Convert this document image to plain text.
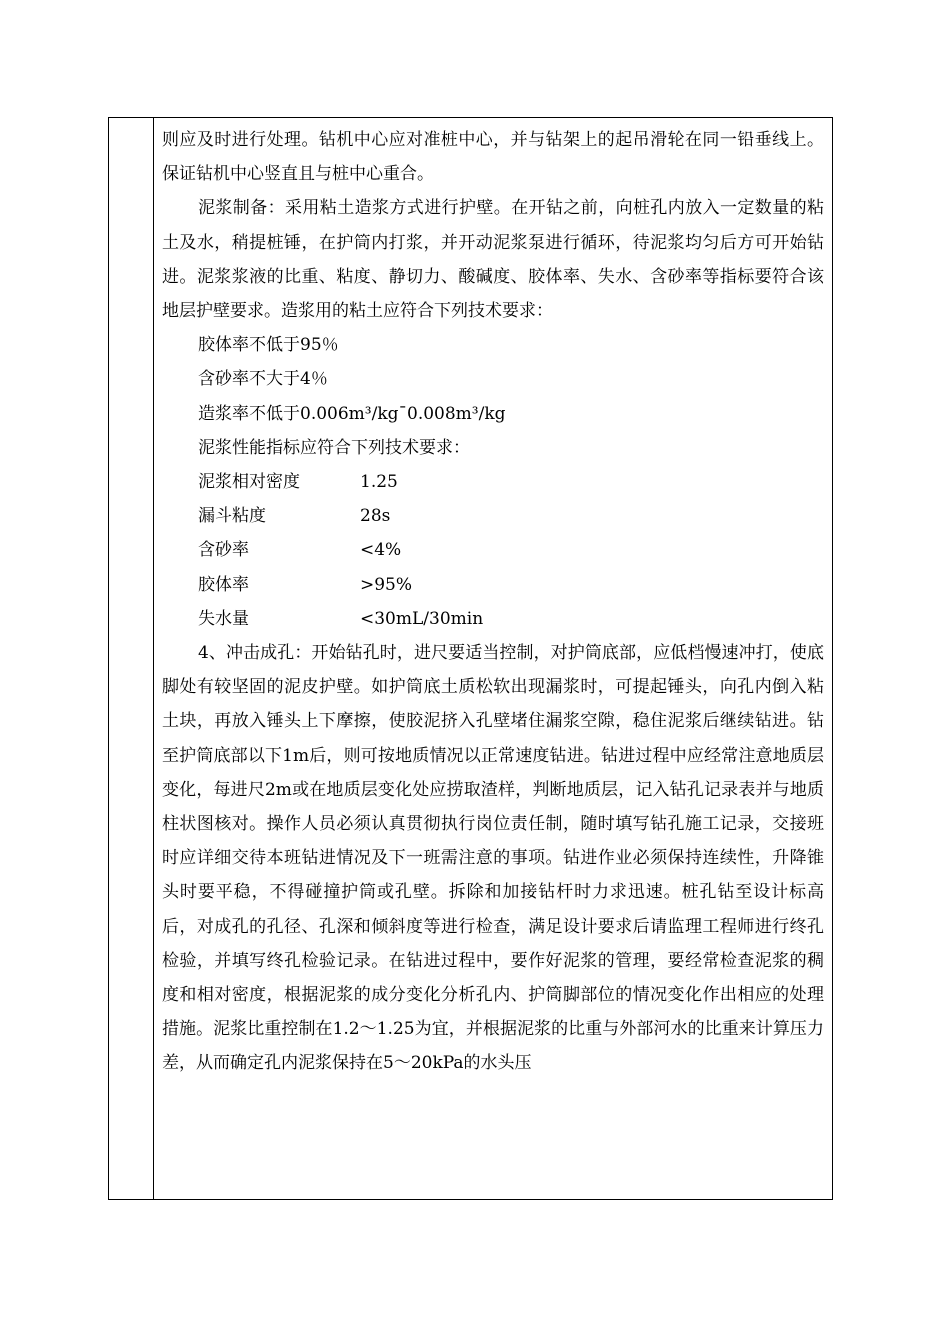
则应及时进行处理。钻机中心应对准桩中心，并与钻架上的起吊滑轮在同一铅垂线上。保证钻机中心竖直且与桩中心重合。

泥浆制备：采用粘土造浆方式进行护壁。在开钻之前，向桩孔内放入一定数量的粘土及水，稍提桩锤，在护筒内打浆，并开动泥浆泵进行循环，待泥浆均匀后方可开始钻进。泥浆浆液的比重、粘度、静切力、酸碱度、胶体率、失水、含砂率等指标要符合该地层护壁要求。造浆用的粘土应符合下列技术要求：

胶体率不低于95％

含砂率不大于4％

造浆率不低于0.006m³/kg¯0.008m³/kg

泥浆性能指标应符合下列技术要求：

泥浆相对密度	1.25
漏斗粘度	28s
含砂率	<4%
胶体率	>95%
失水量	<30mL/30min

4、冲击成孔：开始钻孔时，进尺要适当控制，对护筒底部，应低档慢速冲打，使底脚处有较坚固的泥皮护壁。如护筒底土质松软出现漏浆时，可提起锤头，向孔内倒入粘土块，再放入锤头上下摩擦，使胶泥挤入孔壁堵住漏浆空隙，稳住泥浆后继续钻进。钻至护筒底部以下1m后，则可按地质情况以正常速度钻进。钻进过程中应经常注意地质层变化，每进尺2m或在地质层变化处应捞取渣样，判断地质层，记入钻孔记录表并与地质柱状图核对。操作人员必须认真贯彻执行岗位责任制，随时填写钻孔施工记录，交接班时应详细交待本班钻进情况及下一班需注意的事项。钻进作业必须保持连续性，升降锥头时要平稳，不得碰撞护筒或孔壁。拆除和加接钻杆时力求迅速。桩孔钻至设计标高后，对成孔的孔径、孔深和倾斜度等进行检查，满足设计要求后请监理工程师进行终孔检验，并填写终孔检验记录。在钻进过程中，要作好泥浆的管理，要经常检查泥浆的稠度和相对密度，根据泥浆的成分变化分析孔内、护筒脚部位的情况变化作出相应的处理措施。泥浆比重控制在1.2～1.25为宜，并根据泥浆的比重与外部河水的比重来计算压力差，从而确定孔内泥浆保持在5～20kPa的水头压
